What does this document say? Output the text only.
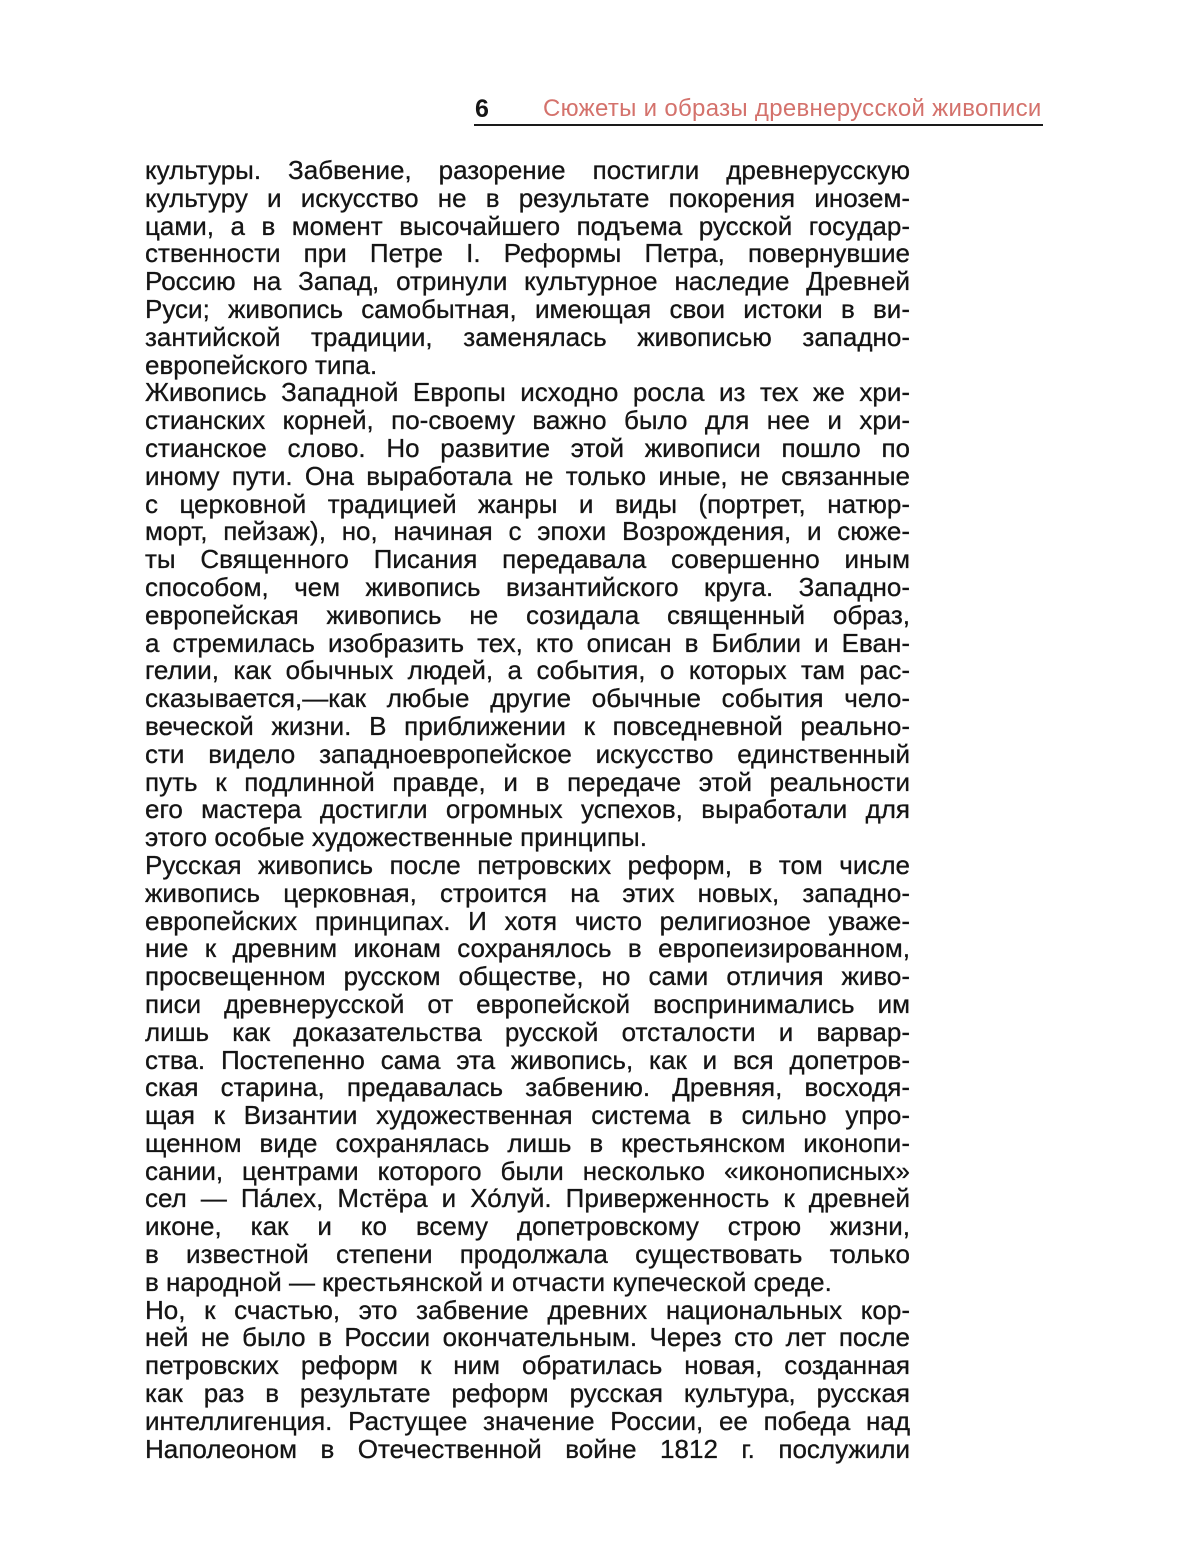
6 Сюжеты и образы древнерусской живописи
культуры. Забвение, разорение постигли древнерусскую
культуру и искусство не в результате покорения инозем-
цами, а в момент высочайшего подъема русской государ-
ственности при Петре I. Реформы Петра, повернувшие
Россию на Запад, отринули культурное наследие Древней
Руси; живопись самобытная, имеющая свои истоки в ви-
зантийской традиции, заменялась живописью западно-
европейского типа.
Живопись Западной Европы исходно росла из тех же хри-
стианских корней, по-своему важно было для нее и хри-
стианское слово. Но развитие этой живописи пошло по
иному пути. Она выработала не только иные, не связанные
с церковной традицией жанры и виды (портрет, натюр-
морт, пейзаж), но, начиная с эпохи Возрождения, и сюже-
ты Священного Писания передавала совершенно иным
способом, чем живопись византийского круга. Западно-
европейская живопись не созидала священный образ,
а стремилась изобразить тех, кто описан в Библии и Еван-
гелии, как обычных людей, а события, о которых там рас-
сказывается,—как любые другие обычные события чело-
веческой жизни. В приближении к повседневной реально-
сти видело западноевропейское искусство единственный
путь к подлинной правде, и в передаче этой реальности
его мастера достигли огромных успехов, выработали для
этого особые художественные принципы.
Русская живопись после петровских реформ, в том числе
живопись церковная, строится на этих новых, западно-
европейских принципах. И хотя чисто религиозное уваже-
ние к древним иконам сохранялось в европеизированном,
просвещенном русском обществе, но сами отличия живо-
писи древнерусской от европейской воспринимались им
лишь как доказательства русской отсталости и варвар-
ства. Постепенно сама эта живопись, как и вся допетров-
ская старина, предавалась забвению. Древняя, восходя-
щая к Византии художественная система в сильно упро-
щенном виде сохранялась лишь в крестьянском иконопи-
сании, центрами которого были несколько «иконописных»
сел — Па́лех, Мстёра и Хо́луй. Приверженность к древней
иконе, как и ко всему допетровскому строю жизни,
в известной степени продолжала существовать только
в народной — крестьянской и отчасти купеческой среде.
Но, к счастью, это забвение древних национальных кор-
ней не было в России окончательным. Через сто лет после
петровских реформ к ним обратилась новая, созданная
как раз в результате реформ русская культура, русская
интеллигенция. Растущее значение России, ее победа над
Наполеоном в Отечественной войне 1812 г. послужили
